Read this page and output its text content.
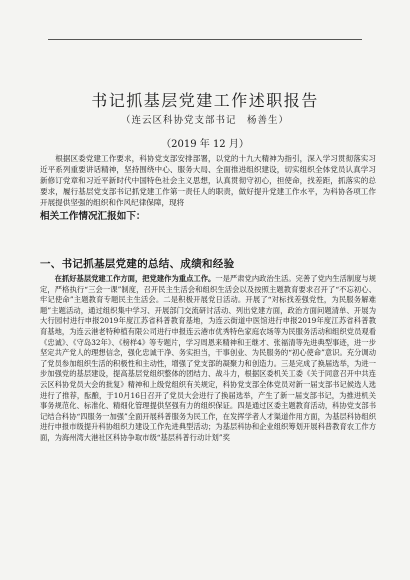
书记抓基层党建工作述职报告
（连云区科协党支部书记　杨善生）
（2019 年 12 月）
根据区委党建工作要求，科协党支部安排部署，以党的十九大精神为指引，深入学习贯彻落实习近平系列重要讲话精神，坚持围绕中心、服务大局、全面推进组织建设，切实组织全体党员认真学习新修订党章和习近平新时代中国特色社会主义思想，认真贯彻守初心，担使命，找差距，抓落实的总要求，履行基层党支部书记抓党建工作第一责任人的职责，做好提升党建工作水平，为科协各项工作开展提供坚强的组织和作风纪律保障，现将
相关工作情况汇报如下：
一、书记抓基层党建的总结、成绩和经验
在抓好基层党建工作方面，把党建作为重点工作。一是严肃党内政治生活。完善了党内生活制度与规定，严格执行“三会一课”制度，召开民主生活会和组织生活会以及按照主题教育要求召开了“不忘初心、牢记使命”主题教育专题民主生活会。二是积极开展党日活动。开展了“对标找差强党性，为民服务解难题”主题活动，通过组织集中学习、开展部门交流研讨活动、列出党建方面，政治方面问题清单、开展为大行园村进行申报2019年度江苏省科普教育基地，为连云街道中医馆进行申报2019年度江苏省科普教育基地，为连云港老特种植有限公司进行申报连云港市优秀特色家庭农场等为民服务活动和组织党员观看《忠诚》、《守岛32年》、《榜样4》等专题片，学习周恩来精神和王继才、张福清等先进典型事迹，进一步坚定共产党人的理想信念，强化忠诚干净、务实担当，干事创业、为民服务的“初心使命”意识。充分调动了党员参加组织生活的积极性和主动性，增强了党支部的凝聚力和创造力。三是完成了换届选举，为进一步加强党的基层建设，提高基层党组织整体的团结力、战斗力，根据区委机关工委《关于同意召开中共连云区科协党员大会的批复》精神和上级党组织有关规定，科协党支部全体党员对新一届支部书记候选人选进行了推荐，酝酿，于10月16日召开了党员大会进行了换届选举，产生了新一届支部书记，为推进机关事务规范化、标准化、精细化管理提供坚强有力的组织保证。四是通过区委主题教育活动，科协党支部书记结合科协“四服务一加强”全面开展科普服务为民工作，在发挥学者人才渠道作用方面，为基层科协组织进行申报市级提升科协组织力建设工作先进典型活动；为基层科协和企业组织筹划开展科普教育农工作方面，为海州湾大港社区科协争取市级“基层科普行动计划”奖
